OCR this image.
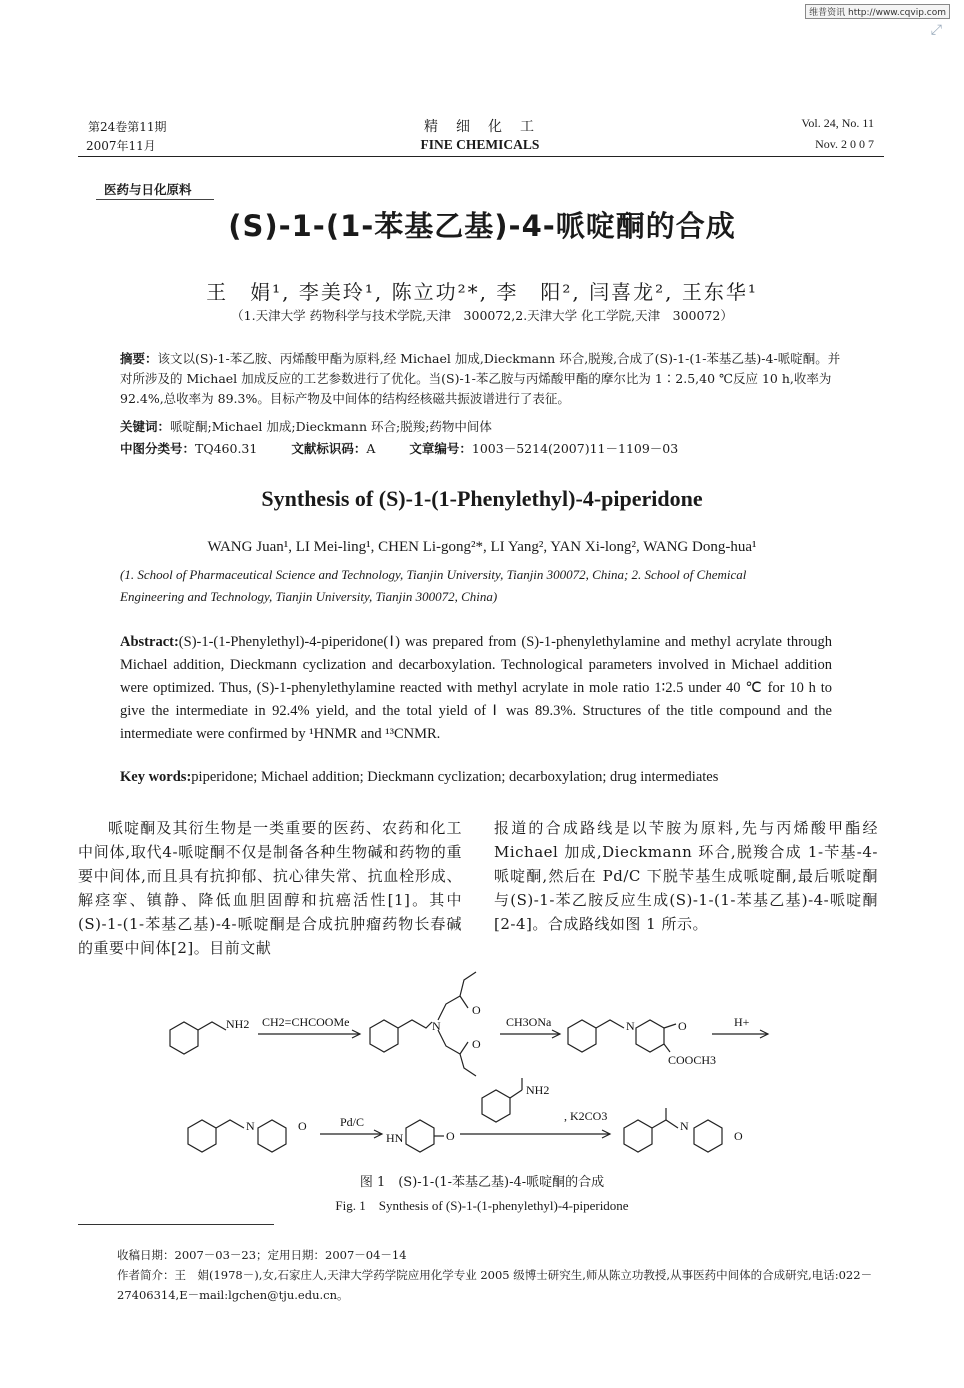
维普资讯 http://www.cqvip.com
⤢
第24卷第11期
2007年11月
精　细　化　工
FINE CHEMICALS
Vol. 24, No. 11
Nov. 2 0 0 7
医药与日化原料
(S)-1-(1-苯基乙基)-4-哌啶酮的合成
王　娟¹, 李美玲¹, 陈立功²*, 李　阳², 闫喜龙², 王东华¹
（1.天津大学 药物科学与技术学院,天津　300072,2.天津大学 化工学院,天津　300072）
摘要：该文以(S)-1-苯乙胺、丙烯酸甲酯为原料,经 Michael 加成,Dieckmann 环合,脱羧,合成了(S)-1-(1-苯基乙基)-4-哌啶酮。并对所涉及的 Michael 加成反应的工艺参数进行了优化。当(S)-1-苯乙胺与丙烯酸甲酯的摩尔比为 1∶2.5,40 ℃反应 10 h,收率为 92.4%,总收率为 89.3%。目标产物及中间体的结构经核磁共振波谱进行了表征。
关键词：哌啶酮;Michael 加成;Dieckmann 环合;脱羧;药物中间体
中图分类号：TQ460.31	文献标识码：A	文章编号：1003－5214(2007)11－1109－03
Synthesis of (S)-1-(1-Phenylethyl)-4-piperidone
WANG Juan¹, LI Mei-ling¹, CHEN Li-gong²*, LI Yang², YAN Xi-long², WANG Dong-hua¹
(1. School of Pharmaceutical Science and Technology, Tianjin University, Tianjin 300072, China; 2. School of Chemical
Engineering and Technology, Tianjin University, Tianjin 300072, China)
Abstract:(S)-1-(1-Phenylethyl)-4-piperidone(Ⅰ) was prepared from (S)-1-phenylethylamine and methyl acrylate through Michael addition, Dieckmann cyclization and decarboxylation. Technological parameters involved in Michael addition were optimized. Thus, (S)-1-phenylethylamine reacted with methyl acrylate in mole ratio 1∶2.5 under 40 ℃ for 10 h to give the intermediate in 92.4% yield, and the total yield of Ⅰ was 89.3%. Structures of the title compound and the intermediate were confirmed by ¹HNMR and ¹³CNMR.
Key words:piperidone; Michael addition; Dieckmann cyclization; decarboxylation; drug intermediates
哌啶酮及其衍生物是一类重要的医药、农药和化工中间体,取代4-哌啶酮不仅是制备各种生物碱和药物的重要中间体,而且具有抗抑郁、抗心律失常、抗血栓形成、解痉挛、镇静、降低血胆固醇和抗癌活性[1]。其中(S)-1-(1-苯基乙基)-4-哌啶酮是合成抗肿瘤药物长春碱的重要中间体[2]。目前文献
报道的合成路线是以苄胺为原料,先与丙烯酸甲酯经 Michael 加成,Dieckmann 环合,脱羧合成 1-苄基-4-哌啶酮,然后在 Pd/C 下脱苄基生成哌啶酮,最后哌啶酮与(S)-1-苯乙胺反应生成(S)-1-(1-苯基乙基)-4-哌啶酮[2-4]。合成路线如图 1 所示。
NH2 CH2=CHCOOMe	N
O
O
CH3ONa	N	O
COOCH3
H+
N	O	Pd/C
HN	O
NH2
, K2CO3
N
O
图 1　(S)-1-(1-苯基乙基)-4-哌啶酮的合成
Fig. 1　Synthesis of (S)-1-(1-phenylethyl)-4-piperidone
收稿日期：2007－03－23；定用日期：2007－04－14
作者简介：王　娟(1978－),女,石家庄人,天津大学药学院应用化学专业 2005 级博士研究生,师从陈立功教授,从事医药中间体的合成研究,电话:022－27406314,E－mail:lgchen@tju.edu.cn。
